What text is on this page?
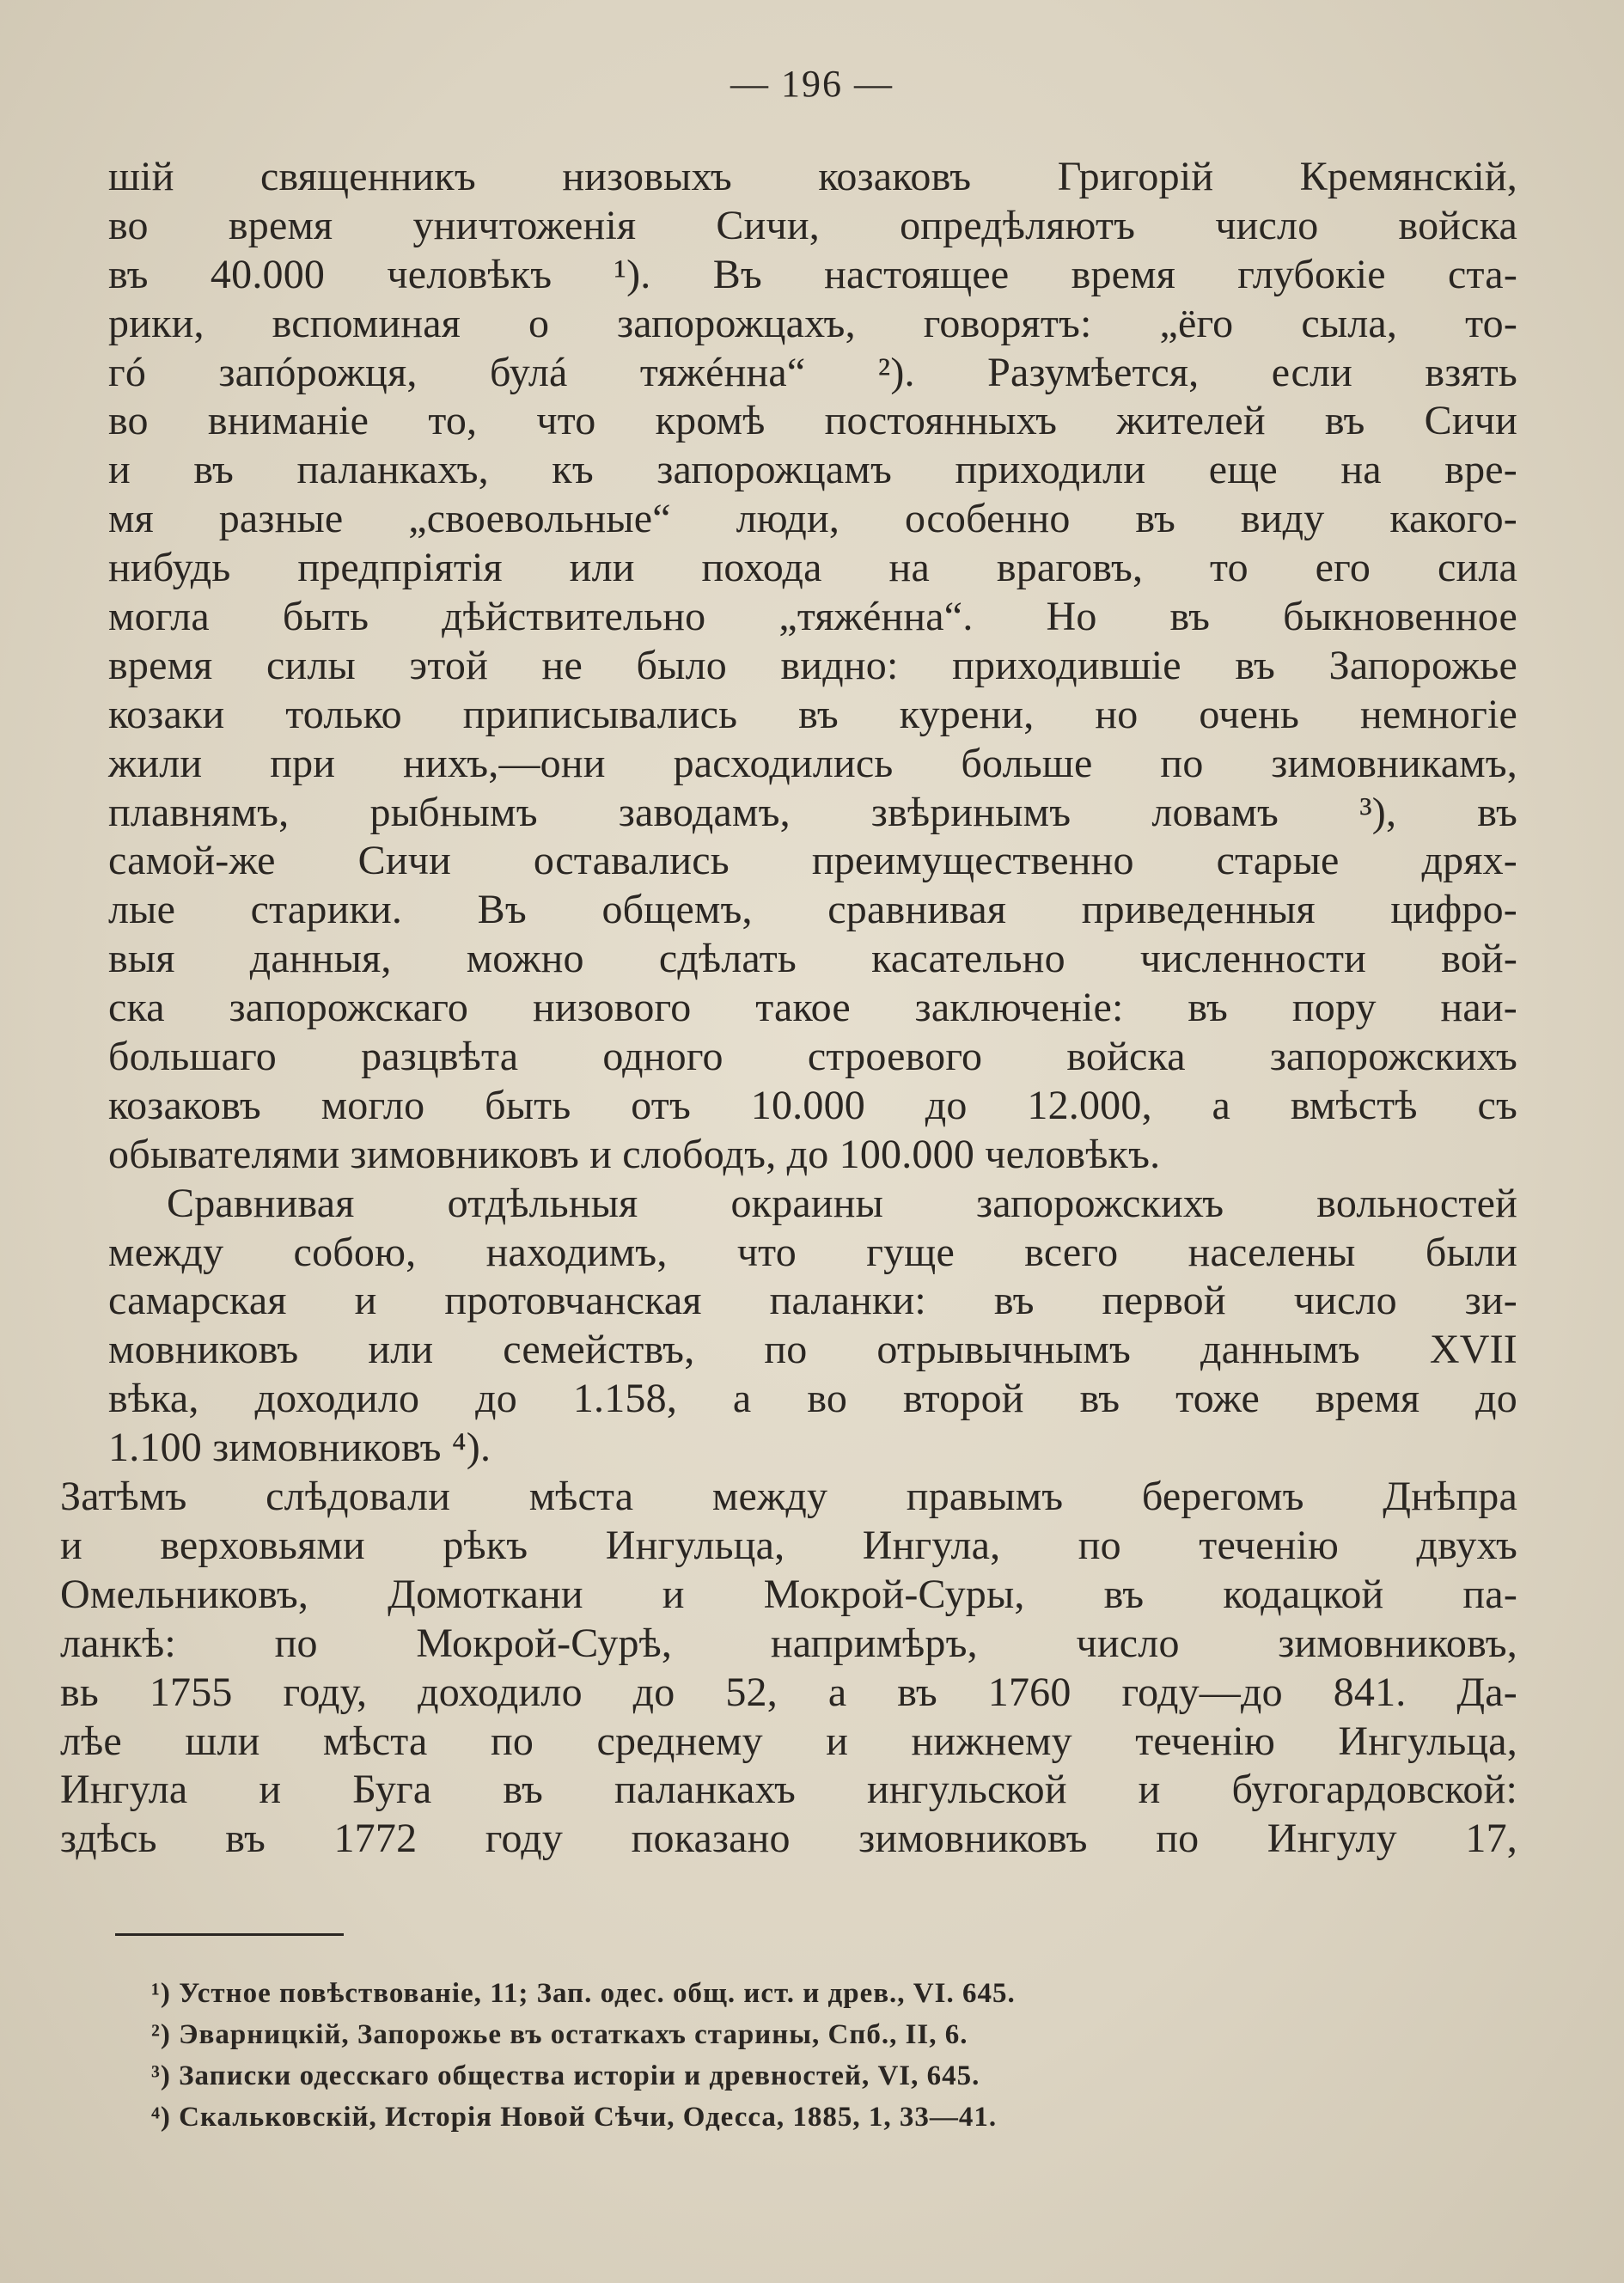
— 196 —
шій священникъ низовыхъ козаковъ Григорій Кремянскій,
во время уничтоженія Сичи, опредѣляютъ число войска
въ 40.000 человѣкъ ¹). Въ настоящее время глубокіе ста-
рики, вспоминая о запорожцахъ, говорятъ: „ёго сыла, то-
гó запóрожця, булá тяжéнна“ ²). Разумѣется, если взять
во вниманіе то, что кромѣ постоянныхъ жителей въ Сичи
и въ паланкахъ, къ запорожцамъ приходили еще на вре-
мя разные „своевольные“ люди, особенно въ виду какого-
нибудь предпріятія или похода на враговъ, то его сила
могла быть дѣйствительно „тяжéнна“. Но въ быкновенное
время силы этой не было видно: приходившіе въ Запорожье
козаки только приписывались въ курени, но очень немногіе
жили при нихъ,—они расходились больше по зимовникамъ,
плавнямъ, рыбнымъ заводамъ, звѣринымъ ловамъ ³), въ
самой-же Сичи оставались преимущественно старые дрях-
лые старики. Въ общемъ, сравнивая приведенныя цифро-
выя данныя, можно сдѣлать касательно численности вой-
ска запорожскаго низового такое заключеніе: въ пору наи-
большаго разцвѣта одного строевого войска запорожскихъ
козаковъ могло быть отъ 10.000 до 12.000, а вмѣстѣ съ
обывателями зимовниковъ и слободъ, до 100.000 человѣкъ.
Сравнивая отдѣльныя окраины запорожскихъ вольностей
между собою, находимъ, что гуще всего населены были
самарская и протовчанская паланки: въ первой число зи-
мовниковъ или семействъ, по отрывычнымъ даннымъ XVII
вѣка, доходило до 1.158, а во второй въ тоже время до
1.100 зимовниковъ ⁴).
Затѣмъ слѣдовали мѣста между правымъ берегомъ Днѣпра
и верховьями рѣкъ Ингульца, Ингула, по теченію двухъ
Омельниковъ, Домоткани и Мокрой-Суры, въ кодацкой па-
ланкѣ: по Мокрой-Сурѣ, напримѣръ, число зимовниковъ,
вь 1755 году, доходило до 52, а въ 1760 году—до 841. Да-
лѣе шли мѣста по среднему и нижнему теченію Ингульца,
Ингула и Буга въ паланкахъ ингульской и бугогардовской:
здѣсь въ 1772 году показано зимовниковъ по Ингулу 17,
¹) Устное повѣствованіе, 11; Зап. одес. общ. ист. и древ., VI. 645.
²) Эварницкій, Запорожье въ остаткахъ старины, Спб., II, 6.
³) Записки одесскаго общества исторіи и древностей, VI, 645.
⁴) Скальковскій, Исторія Новой Сѣчи, Одесса, 1885, 1, 33—41.
